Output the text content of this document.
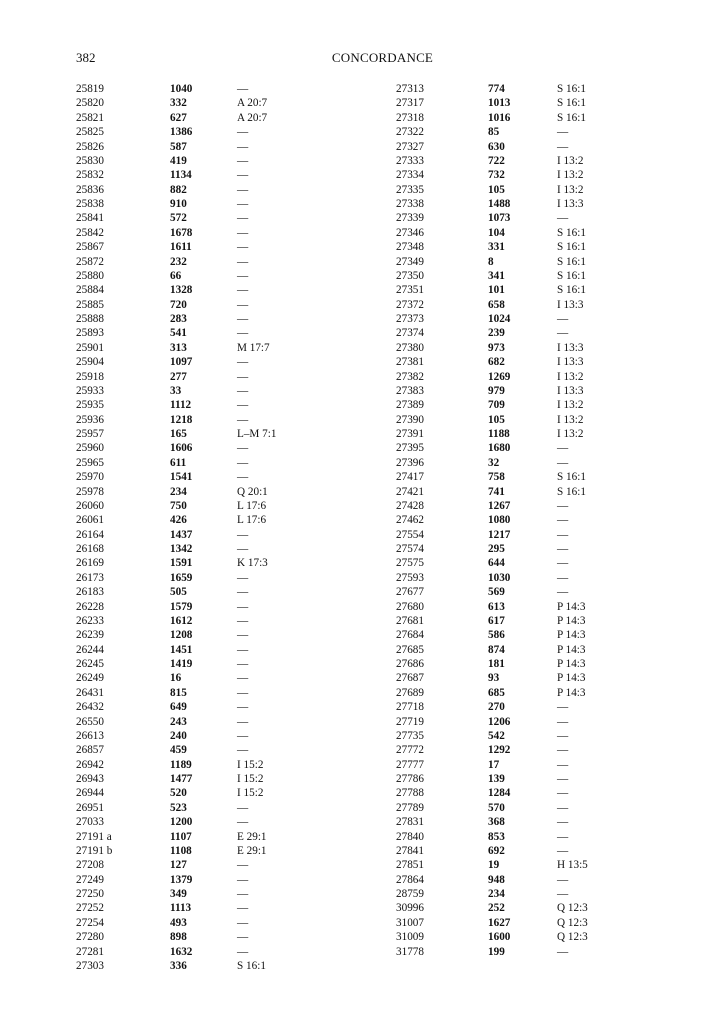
382	CONCORDANCE
25819	1040	—
25820	332	A 20:7
25821	627	A 20:7
25825	1386	—
25826	587	—
25830	419	—
25832	1134	—
25836	882	—
25838	910	—
25841	572	—
25842	1678	—
25867	1611	—
25872	232	—
25880	66	—
25884	1328	—
25885	720	—
25888	283	—
25893	541	—
25901	313	M 17:7
25904	1097	—
25918	277	—
25933	33	—
25935	1112	—
25936	1218	—
25957	165	L–M 7:1
25960	1606	—
25965	611	—
25970	1541	—
25978	234	Q 20:1
26060	750	L 17:6
26061	426	L 17:6
26164	1437	—
26168	1342	—
26169	1591	K 17:3
26173	1659	—
26183	505	—
26228	1579	—
26233	1612	—
26239	1208	—
26244	1451	—
26245	1419	—
26249	16	—
26431	815	—
26432	649	—
26550	243	—
26613	240	—
26857	459	—
26942	1189	I 15:2
26943	1477	I 15:2
26944	520	I 15:2
26951	523	—
27033	1200	—
27191 a	1107	E 29:1
27191 b	1108	E 29:1
27208	127	—
27249	1379	—
27250	349	—
27252	1113	—
27254	493	—
27280	898	—
27281	1632	—
27303	336	S 16:1
27313	774	S 16:1
27317	1013	S 16:1
27318	1016	S 16:1
27322	85	—
27327	630	—
27333	722	I 13:2
27334	732	I 13:2
27335	105	I 13:2
27338	1488	I 13:3
27339	1073	—
27346	104	S 16:1
27348	331	S 16:1
27349	8	S 16:1
27350	341	S 16:1
27351	101	S 16:1
27372	658	I 13:3
27373	1024	—
27374	239	—
27380	973	I 13:3
27381	682	I 13:3
27382	1269	I 13:2
27383	979	I 13:3
27389	709	I 13:2
27390	105	I 13:2
27391	1188	I 13:2
27395	1680	—
27396	32	—
27417	758	S 16:1
27421	741	S 16:1
27428	1267	—
27462	1080	—
27554	1217	—
27574	295	—
27575	644	—
27593	1030	—
27677	569	—
27680	613	P 14:3
27681	617	P 14:3
27684	586	P 14:3
27685	874	P 14:3
27686	181	P 14:3
27687	93	P 14:3
27689	685	P 14:3
27718	270	—
27719	1206	—
27735	542	—
27772	1292	—
27777	17	—
27786	139	—
27788	1284	—
27789	570	—
27831	368	—
27840	853	—
27841	692	—
27851	19	H 13:5
27864	948	—
28759	234	—
30996	252	Q 12:3
31007	1627	Q 12:3
31009	1600	Q 12:3
31778	199	—
